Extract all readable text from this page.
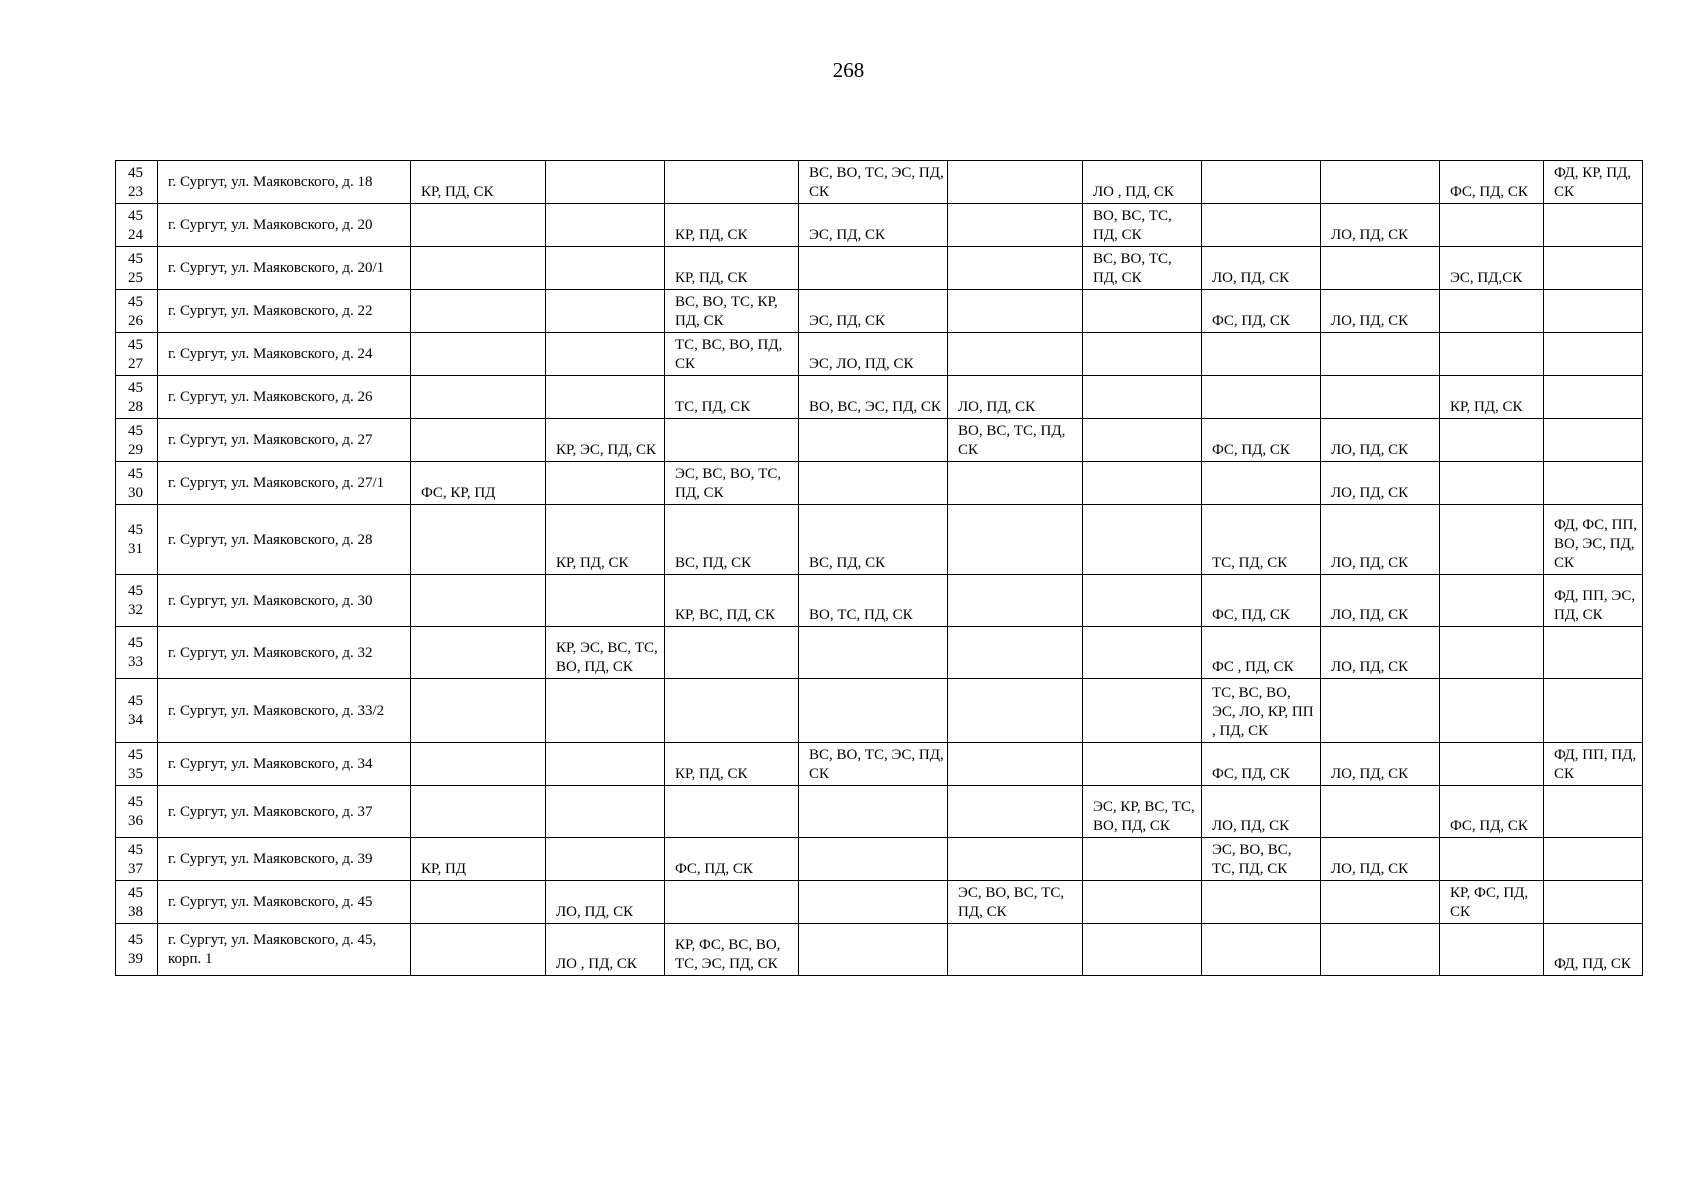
268
45
23	г. Сургут, ул. Маяковского, д. 18	КР, ПД, СК			ВС, ВО, ТС, ЭС, ПД, СК		ЛО , ПД, СК			ФС, ПД, СК	ФД, КР, ПД, СК

45
24	г. Сургут, ул. Маяковского, д. 20			КР, ПД, СК	ЭС, ПД, СК		ВО, ВС, ТС, ПД, СК		ЛО, ПД, СК		

45
25	г. Сургут, ул. Маяковского, д. 20/1			КР, ПД, СК			ВС, ВО, ТС, ПД, СК	ЛО, ПД, СК		ЭС, ПД,СК	

45
26	г. Сургут, ул. Маяковского, д. 22			ВС, ВО, ТС, КР, ПД, СК	ЭС, ПД, СК			ФС, ПД, СК	ЛО, ПД, СК		

45
27	г. Сургут, ул. Маяковского, д. 24			ТС, ВС, ВО, ПД, СК	ЭС, ЛО, ПД, СК						

45
28	г. Сургут, ул. Маяковского, д. 26			ТС, ПД, СК	ВО, ВС, ЭС, ПД, СК	ЛО, ПД, СК				КР, ПД, СК	

45
29	г. Сургут, ул. Маяковского, д. 27		КР, ЭС, ПД, СК			ВО, ВС, ТС, ПД, СК		ФС, ПД, СК	ЛО, ПД, СК		

45
30	г. Сургут, ул. Маяковского, д. 27/1	ФС, КР, ПД		ЭС, ВС, ВО, ТС, ПД, СК					ЛО, ПД, СК		

45
31	г. Сургут, ул. Маяковского, д. 28		КР, ПД, СК	ВС, ПД, СК	ВС, ПД, СК			ТС, ПД, СК	ЛО, ПД, СК		ФД, ФС, ПП, ВО, ЭС, ПД, СК

45
32	г. Сургут, ул. Маяковского, д. 30			КР, ВС, ПД, СК	ВО, ТС, ПД, СК			ФС, ПД, СК	ЛО, ПД, СК		ФД, ПП, ЭС, ПД, СК

45
33	г. Сургут, ул. Маяковского, д. 32		КР, ЭС, ВС, ТС, ВО, ПД, СК					ФС , ПД, СК	ЛО, ПД, СК		

45
34	г. Сургут, ул. Маяковского, д. 33/2							ТС, ВС, ВО, ЭС, ЛО, КР, ПП , ПД, СК			

45
35	г. Сургут, ул. Маяковского, д. 34			КР, ПД, СК	ВС, ВО, ТС, ЭС, ПД, СК			ФС, ПД, СК	ЛО, ПД, СК		ФД, ПП, ПД, СК

45
36	г. Сургут, ул. Маяковского, д. 37						ЭС, КР, ВС, ТС, ВО, ПД, СК	ЛО, ПД, СК		ФС, ПД, СК	

45
37	г. Сургут, ул. Маяковского, д. 39	КР, ПД		ФС, ПД, СК				ЭС, ВО, ВС, ТС, ПД, СК	ЛО, ПД, СК		

45
38	г. Сургут, ул. Маяковского, д. 45		ЛО, ПД, СК			ЭС, ВО, ВС, ТС, ПД, СК				КР, ФС, ПД, СК	

45
39	г. Сургут, ул. Маяковского, д. 45, корп. 1		ЛО , ПД, СК	КР, ФС, ВС, ВО, ТС, ЭС, ПД, СК							ФД, ПД, СК
